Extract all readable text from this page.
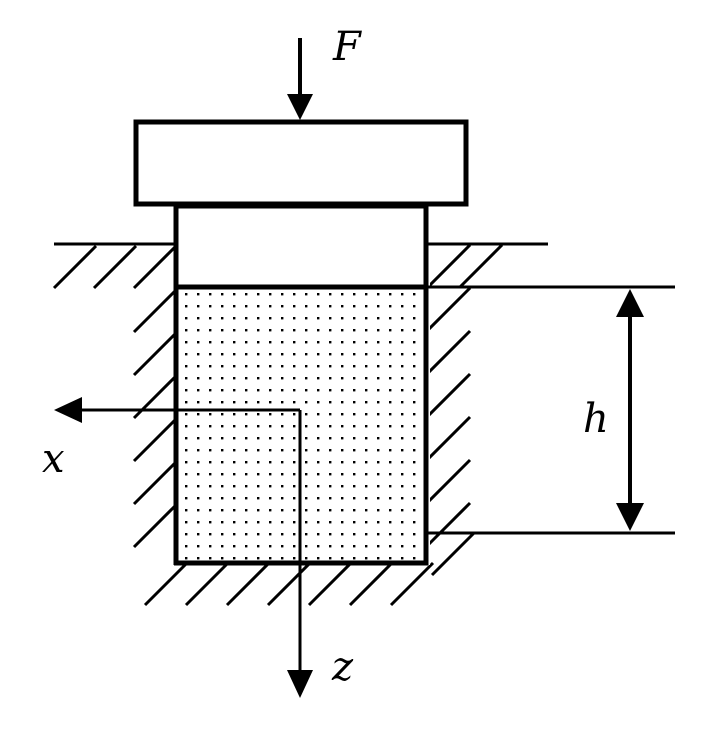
h
F
x
z
